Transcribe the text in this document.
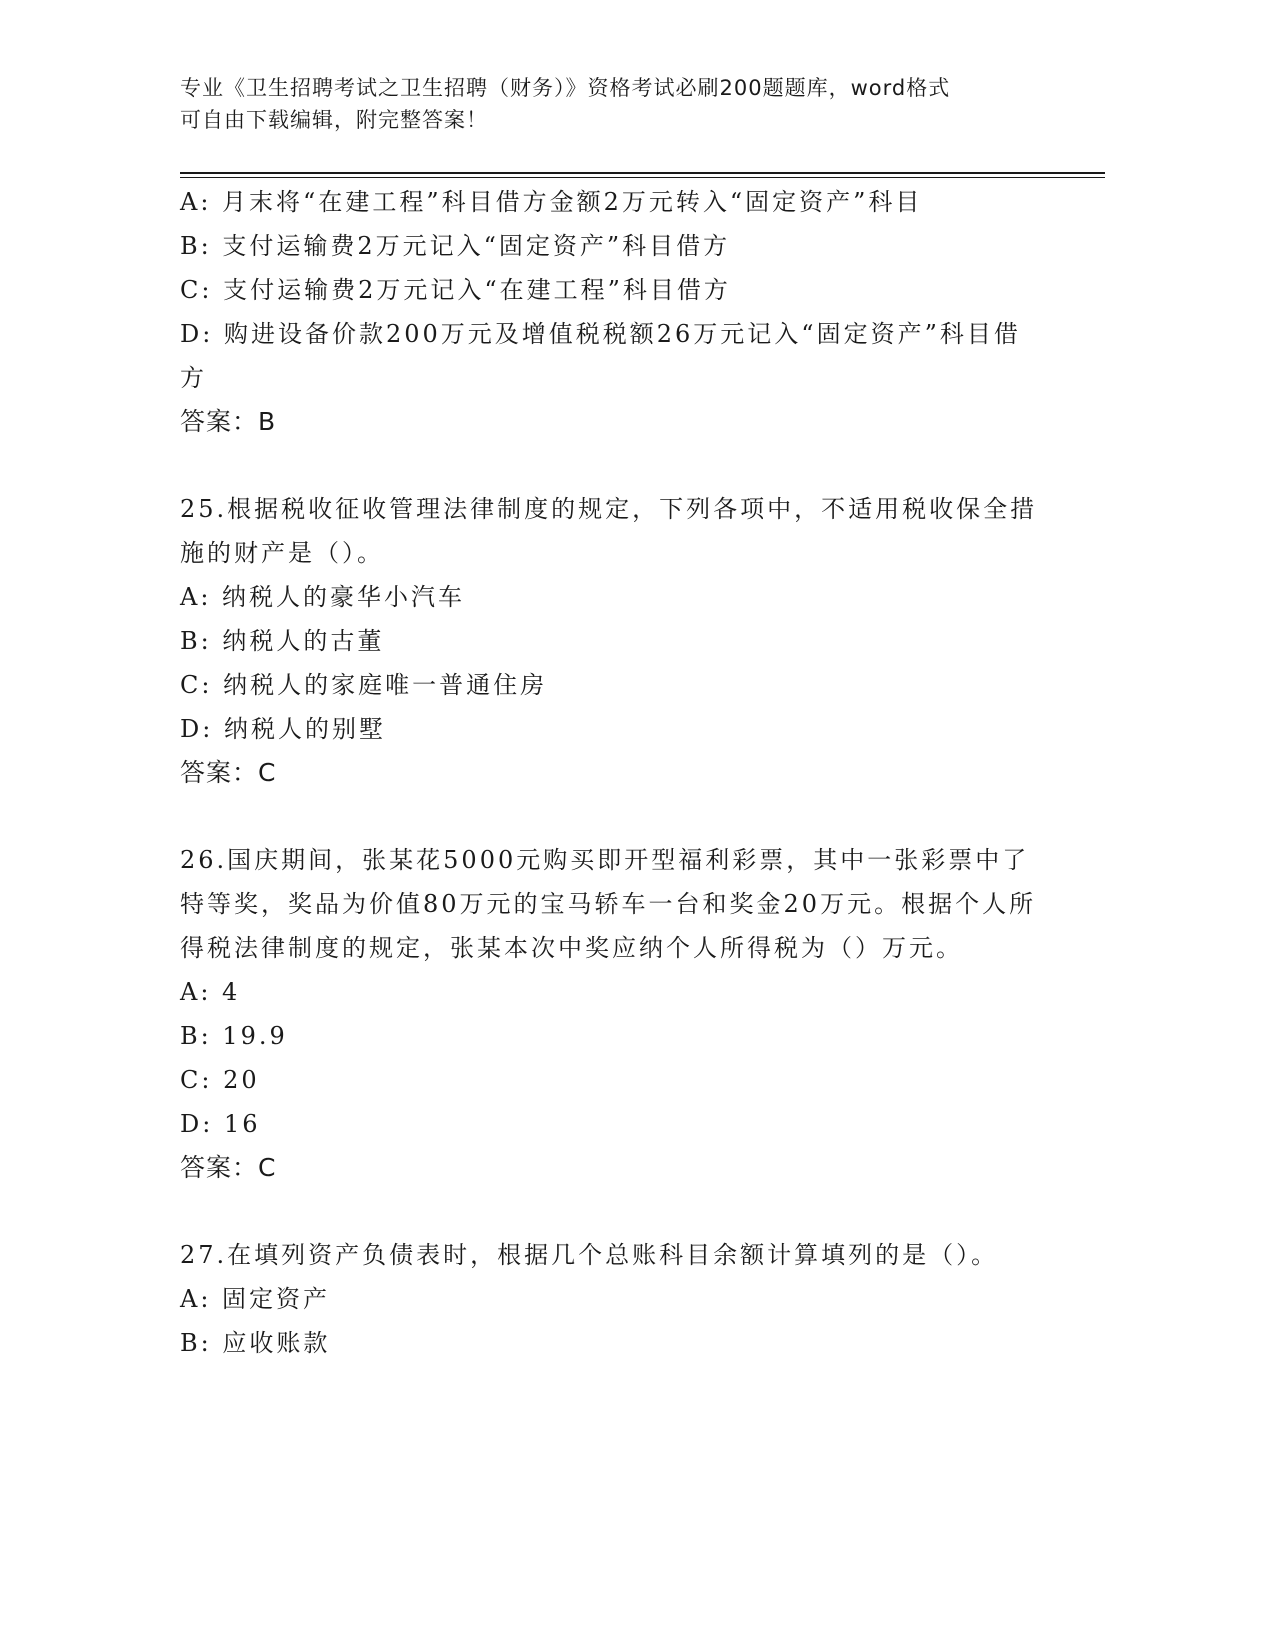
专业《卫生招聘考试之卫生招聘（财务）》资格考试必刷200题题库，word格式
可自由下载编辑，附完整答案！

A: 月末将“在建工程”科目借方金额2万元转入“固定资产”科目

B: 支付运输费2万元记入“固定资产”科目借方

C: 支付运输费2万元记入“在建工程”科目借方

D: 购进设备价款200万元及增值税税额26万元记入“固定资产”科目借方

答案：B

25.根据税收征收管理法律制度的规定，下列各项中，不适用税收保全措施的财产是（）。

A: 纳税人的豪华小汽车

B: 纳税人的古董

C: 纳税人的家庭唯一普通住房

D: 纳税人的别墅

答案：C

26.国庆期间，张某花5000元购买即开型福利彩票，其中一张彩票中了特等奖，奖品为价值80万元的宝马轿车一台和奖金20万元。根据个人所得税法律制度的规定，张某本次中奖应纳个人所得税为（）万元。

A: 4

B: 19.9

C: 20

D: 16

答案：C

27.在填列资产负债表时，根据几个总账科目余额计算填列的是（）。

A: 固定资产

B: 应收账款
